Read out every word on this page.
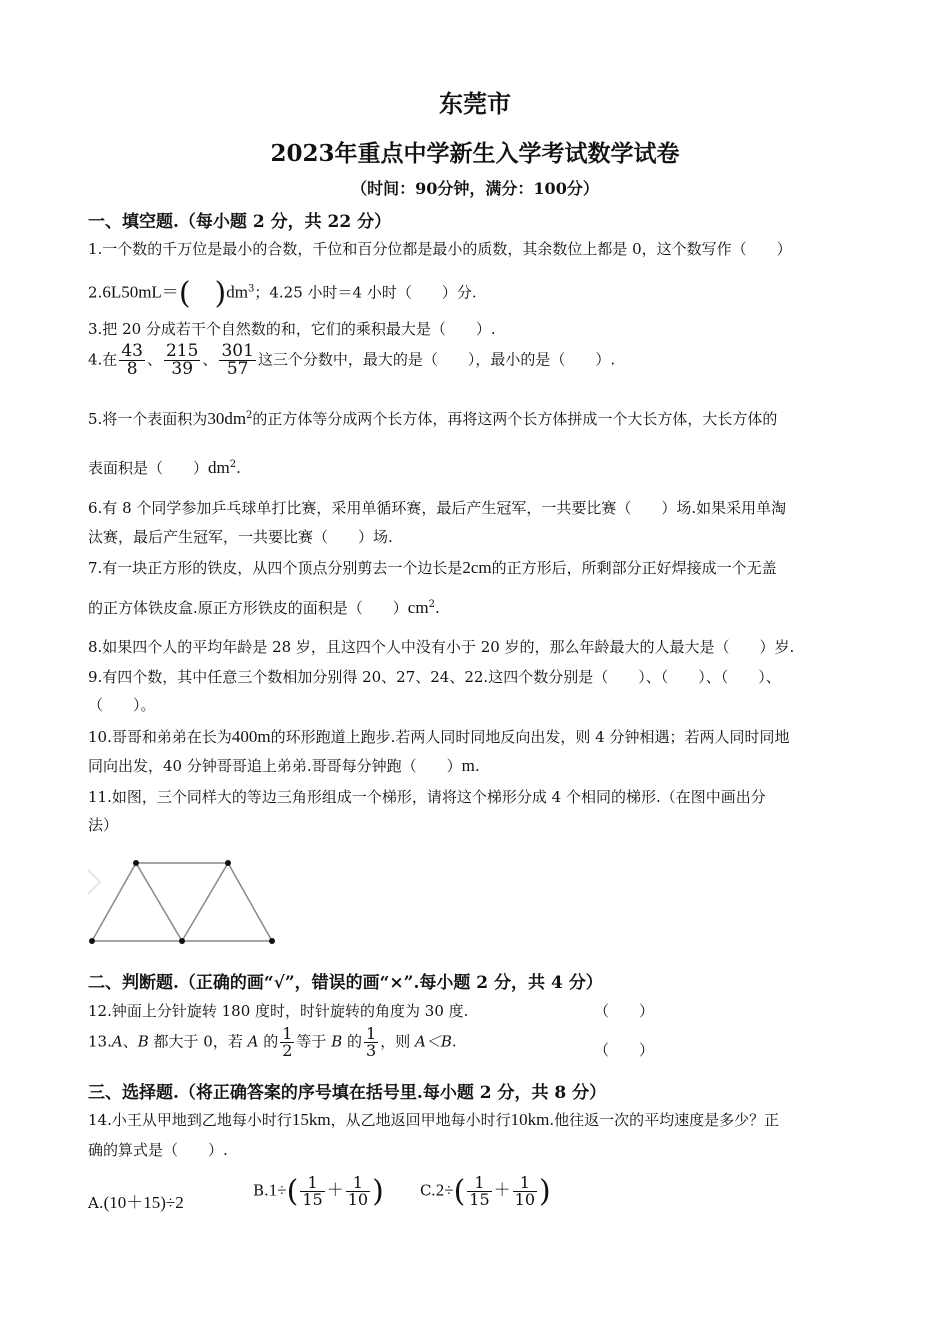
东莞市
2023年重点中学新生入学考试数学试卷
（时间：90分钟，满分：100分）
一、填空题.（每小题 2 分，共 22 分）
1.一个数的千万位是最小的合数，千位和百分位都是最小的质数，其余数位上都是 0，这个数写作（　　）
2.6L50mL＝( )$dm^3$；4.25 小时＝4 小时（　　）分.
3.把 20 分成若干个自然数的和，它们的乘积最大是（　　）.
4.在 $\frac{43}{8}$ 、 $\frac{215}{39}$ 、 $\frac{301}{57}$ 这三个分数中，最大的是（　　），最小的是（　　）.
5.将一个表面积为$30dm^2$的正方体等分成两个长方体，再将这两个长方体拼成一个大长方体，大长方体的
表面积是（　　）$dm^2$.
6.有 8 个同学参加乒乓球单打比赛，采用单循环赛，最后产生冠军，一共要比赛（　　）场.如果采用单淘
汰赛，最后产生冠军，一共要比赛（　　）场.
7.有一块正方形的铁皮，从四个顶点分别剪去一个边长是2cm的正方形后，所剩部分正好焊接成一个无盖
的正方体铁皮盒.原正方形铁皮的面积是（　　）$cm^2$.
8.如果四个人的平均年龄是 28 岁，且这四个人中没有小于 20 岁的，那么年龄最大的人最大是（　　）岁.
9.有四个数，其中任意三个数相加分别得 20、27、24、22.这四个数分别是（　　）、（　　）、（　　）、
（　　）。
10.哥哥和弟弟在长为400m的环形跑道上跑步.若两人同时同地反向出发，则 4 分钟相遇；若两人同时同地
同向出发，40 分钟哥哥追上弟弟.哥哥每分钟跑（　　）m.
11.如图，三个同样大的等边三角形组成一个梯形，请将这个梯形分成 4 个相同的梯形.（在图中画出分
法）
二、判断题.（正确的画“√”，错误的画“×”.每小题 2 分，共 4 分）
12.钟面上分针旋转 180 度时，时针旋转的角度为 30 度.	（　　）
13.A、B 都大于 0，若 A 的 $\frac{1}{2}$ 等于 B 的 $\frac{1}{3}$ ，则 A＜B.	（　　）
三、选择题.（将正确答案的序号填在括号里.每小题 2 分，共 8 分）
14.小王从甲地到乙地每小时行15km，从乙地返回甲地每小时行10km.他往返一次的平均速度是多少？正
确的算式是（　　）.
A.(10＋15)÷2
$B.1\div( \frac{1}{15} + \frac{1}{10}$ ) $C.2\div( \frac{1}{15} + \frac{1}{10}$ )
